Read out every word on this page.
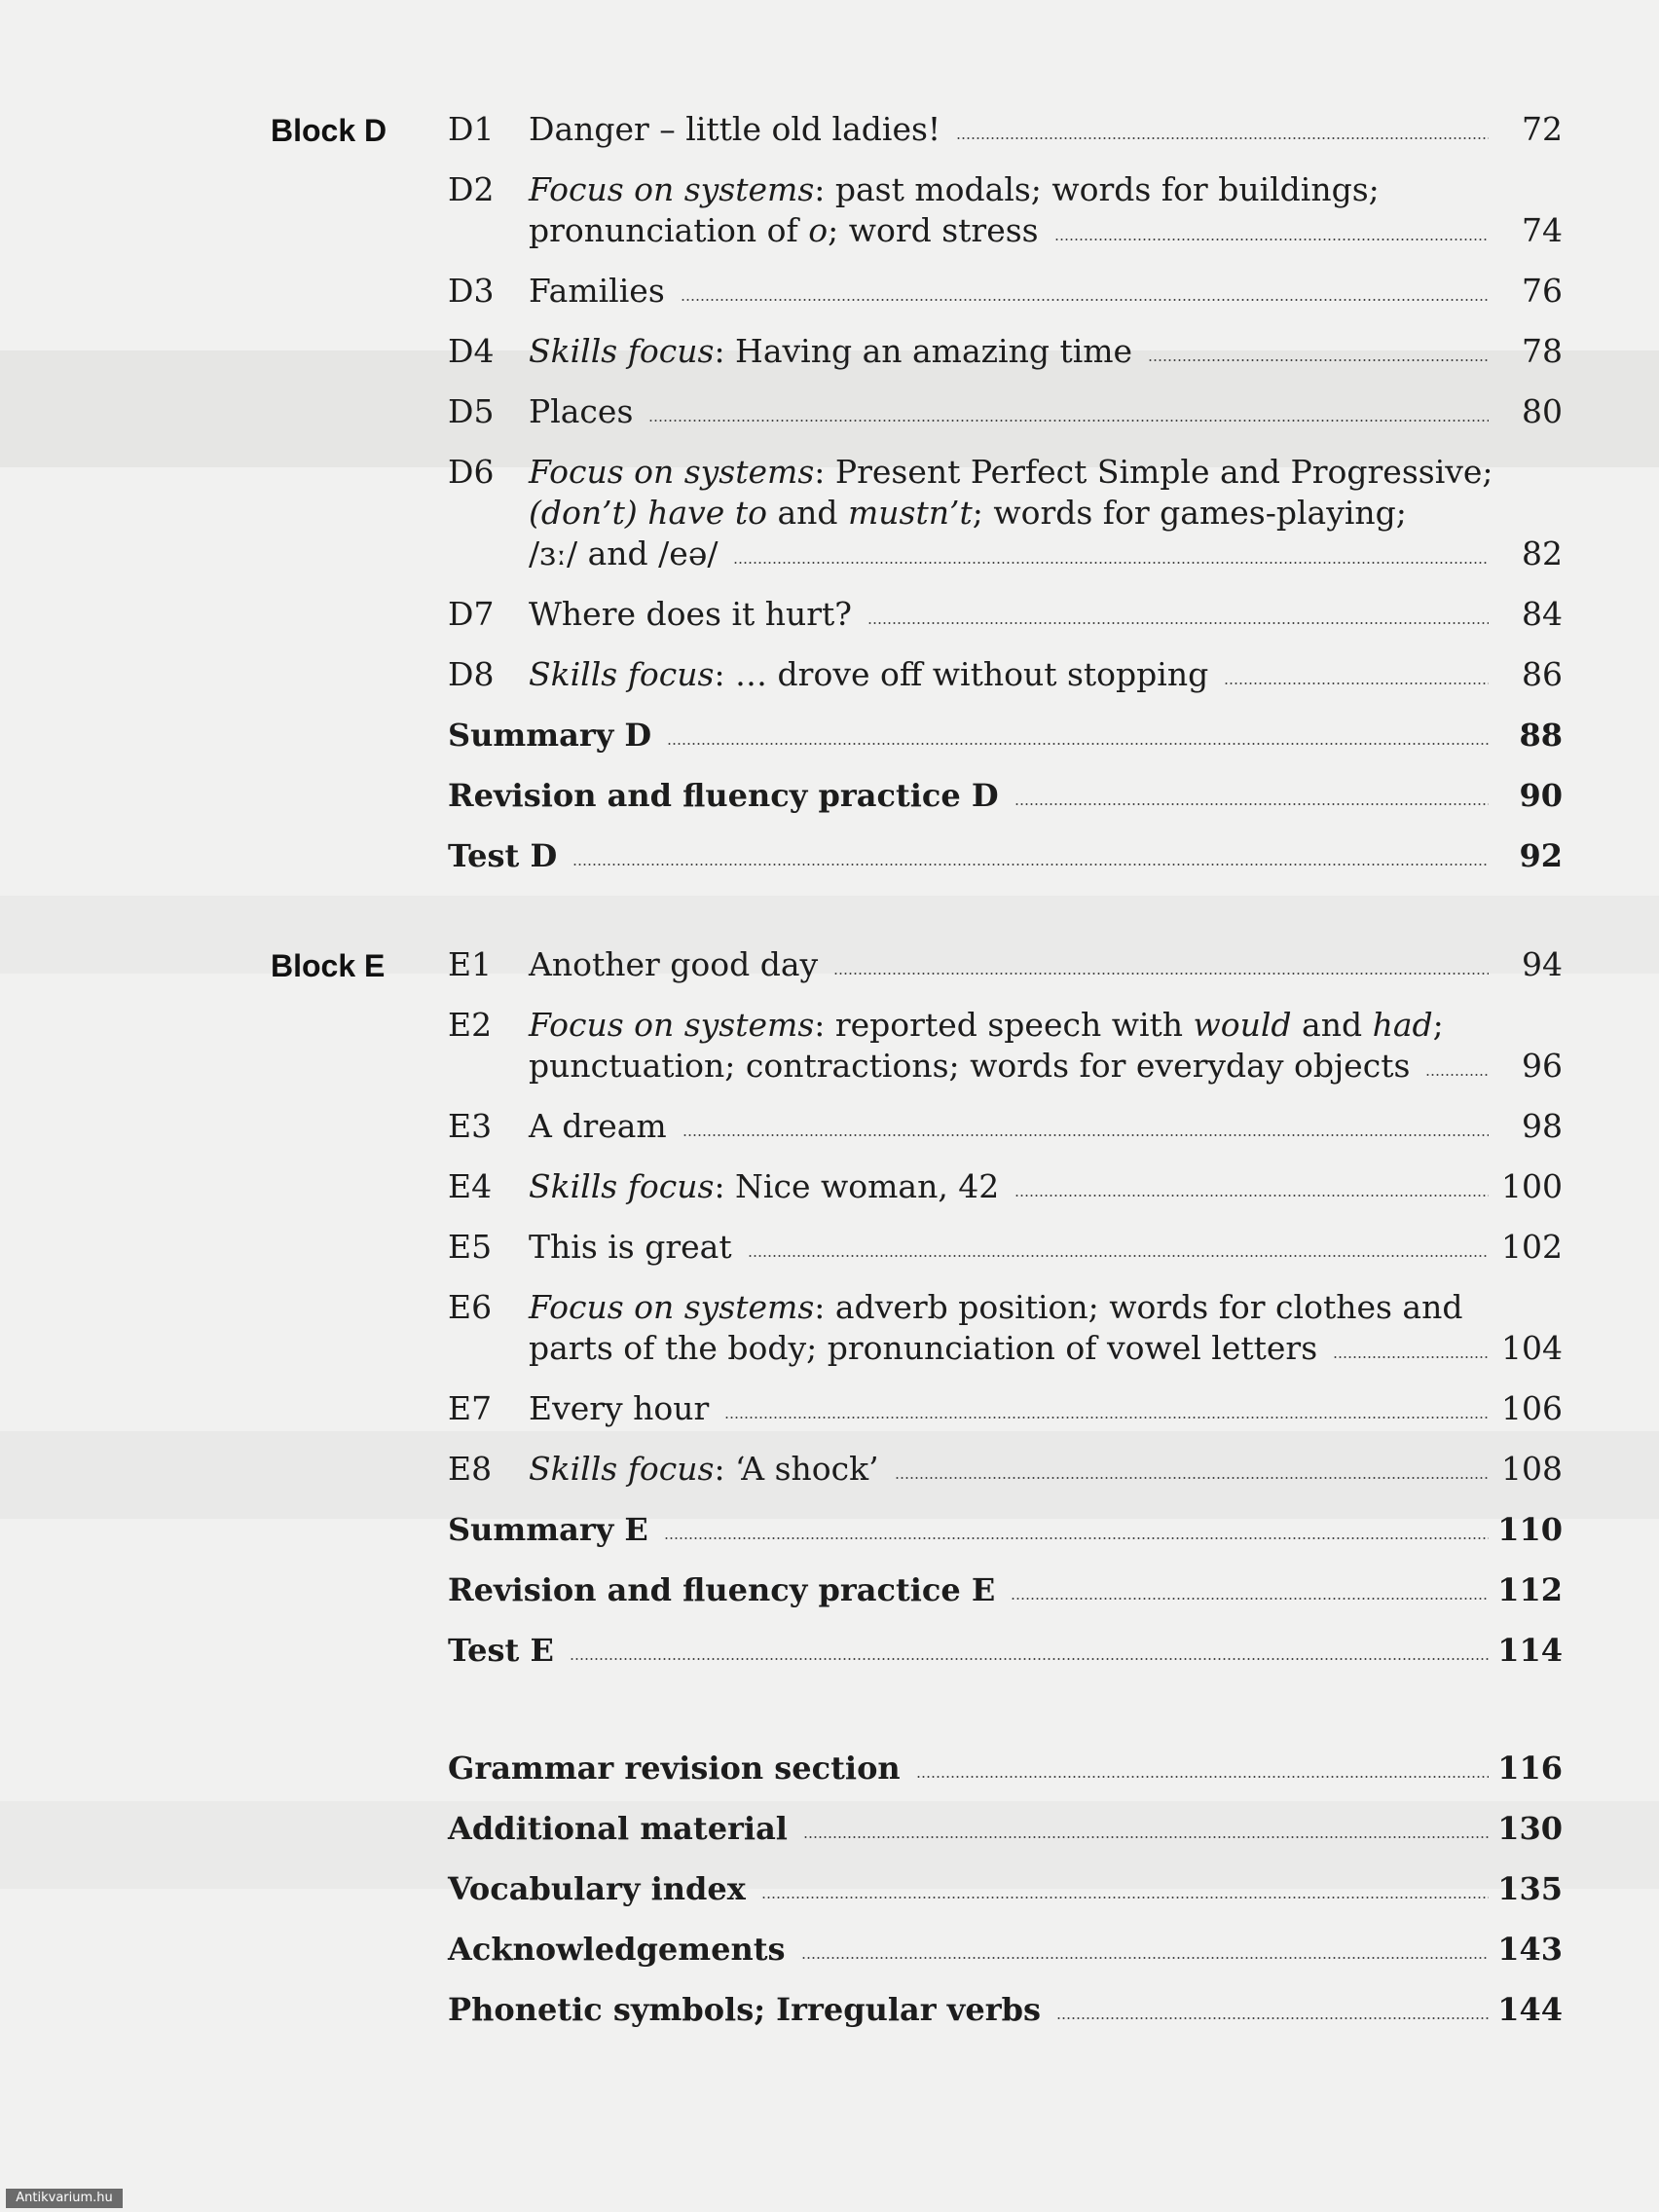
Block D D1 Danger – little old ladies!	72
D2 Focus on systems: past modals; words for buildings;
pronunciation of o; word stress	74
D3 Families	76
D4 Skills focus: Having an amazing time	78
D5 Places	80
D6 Focus on systems: Present Perfect Simple and Progressive;
(don’t) have to and mustn’t; words for games-playing;
/ɜː/ and /eə/	82
D7 Where does it hurt?	84
D8 Skills focus: … drove off without stopping	86
Summary D	88
Revision and fluency practice D	90
Test D	92
Block E E1 Another good day	94
E2 Focus on systems: reported speech with would and had;
punctuation; contractions; words for everyday objects	96
E3 A dream	98
E4 Skills focus: Nice woman, 42	100
E5 This is great	102
E6 Focus on systems: adverb position; words for clothes and
parts of the body; pronunciation of vowel letters	104
E7 Every hour	106
E8 Skills focus: ‘A shock’	108
Summary E	110
Revision and fluency practice E	112
Test E	114
Grammar revision section	116
Additional material	130
Vocabulary index	135
Acknowledgements	143
Phonetic symbols; Irregular verbs	144
Antikvarium.hu
